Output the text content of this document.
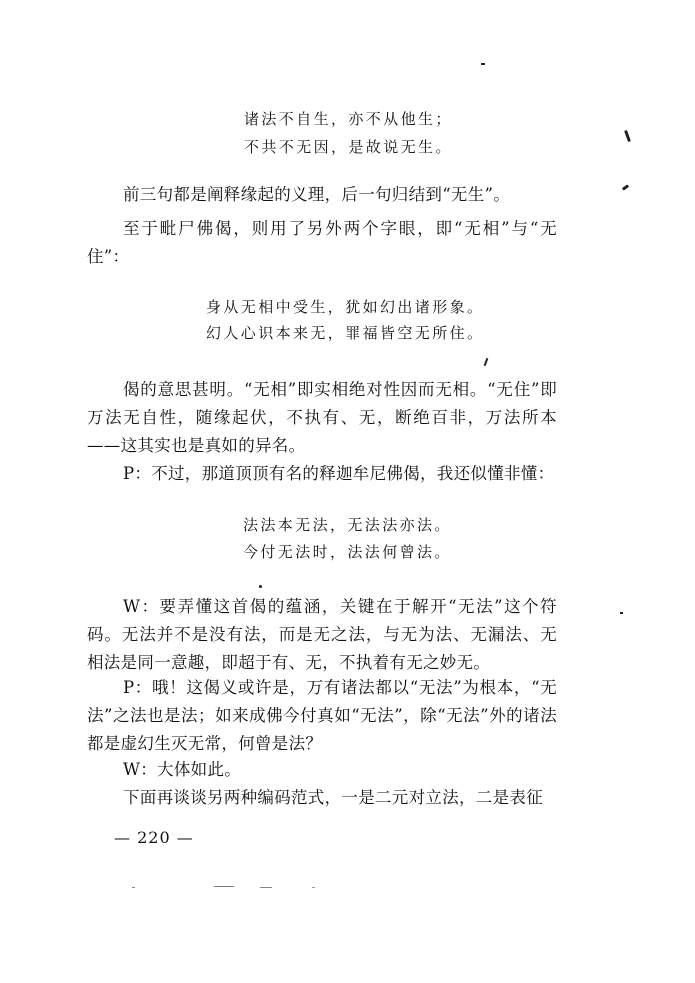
诸法不自生，亦不从他生；
不共不无因，是故说无生。
前三句都是阐释缘起的义理，后一句归结到“无生”。
至于毗尸佛偈，则用了另外两个字眼，即“无相”与“无住”：
身从无相中受生，犹如幻出诸形象。
幻人心识本来无，罪福皆空无所住。
偈的意思甚明。“无相”即实相绝对性因而无相。“无住”即万法无自性，随缘起伏，不执有、无，断绝百非，万法所本——这其实也是真如的异名。
P：不过，那道顶顶有名的释迦牟尼佛偈，我还似懂非懂：
法法本无法，无法法亦法。
今付无法时，法法何曾法。
W：要弄懂这首偈的蕴涵，关键在于解开“无法”这个符码。无法并不是没有法，而是无之法，与无为法、无漏法、无相法是同一意趣，即超于有、无，不执着有无之妙无。
P：哦！这偈义或许是，万有诸法都以“无法”为根本，“无法”之法也是法；如来成佛今付真如“无法”，除“无法”外的诸法都是虚幻生灭无常，何曾是法？
W：大体如此。
下面再谈谈另两种编码范式，一是二元对立法，二是表征
— 220 —
